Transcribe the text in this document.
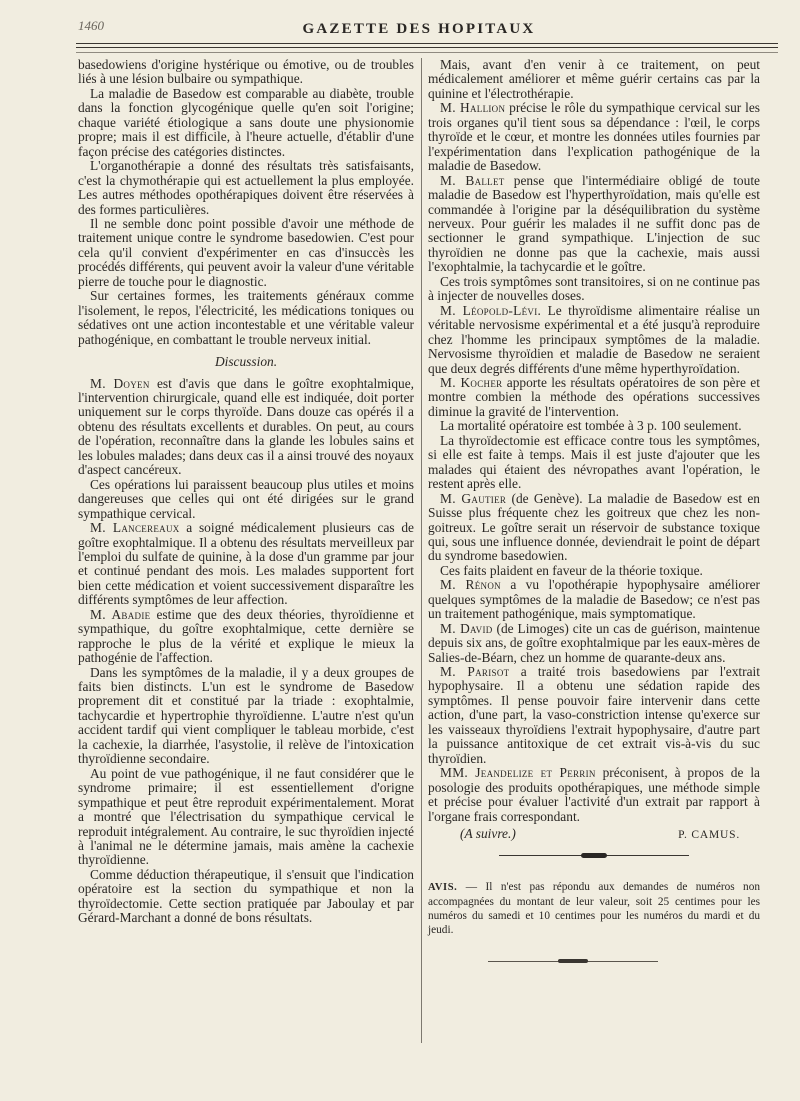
1460	GAZETTE DES HOPITAUX

basedowiens d'origine hystérique ou émotive, ou de troubles liés à une lésion bulbaire ou sympathique.

La maladie de Basedow est comparable au diabète, trouble dans la fonction glycogénique quelle qu'en soit l'origine; chaque variété étiologique a sans doute une physionomie propre; mais il est difficile, à l'heure actuelle, d'établir d'une façon précise des catégories distinctes.

L'organothérapie a donné des résultats très satisfaisants, c'est la chymothérapie qui est actuellement la plus employée. Les autres méthodes opothérapiques doivent être réservées à des formes particulières.

Il ne semble donc point possible d'avoir une méthode de traitement unique contre le syndrome basedowien. C'est pour cela qu'il convient d'expérimenter en cas d'insuccès les procédés différents, qui peuvent avoir la valeur d'une véritable pierre de touche pour le diagnostic.

Sur certaines formes, les traitements généraux comme l'isolement, le repos, l'électricité, les médications toniques ou sédatives ont une action incontestable et une véritable valeur pathogénique, en combattant le trouble nerveux initial.

Discussion.

M. Doyen est d'avis que dans le goître exophtalmique, l'intervention chirurgicale, quand elle est indiquée, doit porter uniquement sur le corps thyroïde. Dans douze cas opérés il a obtenu des résultats excellents et durables. On peut, au cours de l'opération, reconnaître dans la glande les lobules sains et les lobules malades; dans deux cas il a ainsi trouvé des noyaux d'aspect cancéreux.

Ces opérations lui paraissent beaucoup plus utiles et moins dangereuses que celles qui ont été dirigées sur le grand sympathique cervical.

M. Lancereaux a soigné médicalement plusieurs cas de goître exophtalmique. Il a obtenu des résultats merveilleux par l'emploi du sulfate de quinine, à la dose d'un gramme par jour et continué pendant des mois. Les malades supportent fort bien cette médication et voient successivement disparaître les différents symptômes de leur affection.

M. Abadie estime que des deux théories, thyroïdienne et sympathique, du goître exophtalmique, cette dernière se rapproche le plus de la vérité et explique le mieux la pathogénie de l'affection.

Dans les symptômes de la maladie, il y a deux groupes de faits bien distincts. L'un est le syndrome de Basedow proprement dit et constitué par la triade : exophtalmie, tachycardie et hypertrophie thyroïdienne. L'autre n'est qu'un accident tardif qui vient compliquer le tableau morbide, c'est la cachexie, la diarrhée, l'asystolie, il relève de l'intoxication thyroïdienne secondaire.

Au point de vue pathogénique, il ne faut considérer que le syndrome primaire; il est essentiellement d'origne sympathique et peut être reproduit expérimentalement. Morat a montré que l'électrisation du sympathique cervical le reproduit intégralement. Au contraire, le suc thyroïdien injecté à l'animal ne le détermine jamais, mais amène la cachexie thyroïdienne.

Comme déduction thérapeutique, il s'ensuit que l'indication opératoire est la section du sympathique et non la thyroïdectomie. Cette section pratiquée par Jaboulay et par Gérard-Marchant a donné de bons résultats.

Mais, avant d'en venir à ce traitement, on peut médicalement améliorer et même guérir certains cas par la quinine et l'électrothérapie.

M. Hallion précise le rôle du sympathique cervical sur les trois organes qu'il tient sous sa dépendance : l'œil, le corps thyroïde et le cœur, et montre les données utiles fournies par l'expérimentation dans l'explication pathogénique de la maladie de Basedow.

M. Ballet pense que l'intermédiaire obligé de toute maladie de Basedow est l'hyperthyroïdation, mais qu'elle est commandée à l'origine par la déséquilibration du système nerveux. Pour guérir les malades il ne suffit donc pas de sectionner le grand sympathique. L'injection de suc thyroïdien ne donne pas que la cachexie, mais aussi l'exophtalmie, la tachycardie et le goître.

Ces trois symptômes sont transitoires, si on ne continue pas à injecter de nouvelles doses.

M. Léopold-Lévi. Le thyroïdisme alimentaire réalise un véritable nervosisme expérimental et a été jusqu'à reproduire chez l'homme les principaux symptômes de la maladie. Nervosisme thyroïdien et maladie de Basedow ne seraient que deux degrés différents d'une même hyperthyroïdation.

M. Kocher apporte les résultats opératoires de son père et montre combien la méthode des opérations successives diminue la gravité de l'intervention.

La mortalité opératoire est tombée à 3 p. 100 seulement.

La thyroïdectomie est efficace contre tous les symptômes, si elle est faite à temps. Mais il est juste d'ajouter que les malades qui étaient des névropathes avant l'opération, le restent après elle.

M. Gautier (de Genève). La maladie de Basedow est en Suisse plus fréquente chez les goitreux que chez les non-goitreux. Le goître serait un réservoir de substance toxique qui, sous une influence donnée, deviendrait le point de départ du syndrome basedowien.

Ces faits plaident en faveur de la théorie toxique.

M. Rénon a vu l'opothérapie hypophysaire améliorer quelques symptômes de la maladie de Basedow; ce n'est pas un traitement pathogénique, mais symptomatique.

M. David (de Limoges) cite un cas de guérison, maintenue depuis six ans, de goître exophtalmique par les eaux-mères de Salies-de-Béarn, chez un homme de quarante-deux ans.

M. Parisot a traité trois basedowiens par l'extrait hypophysaire. Il a obtenu une sédation rapide des symptômes. Il pense pouvoir faire intervenir dans cette action, d'une part, la vaso-constriction intense qu'exerce sur les vaisseaux thyroïdiens l'extrait hypophysaire, d'autre part la puissance antitoxique de cet extrait vis-à-vis du suc thyroïdien.

MM. Jeandelize et Perrin préconisent, à propos de la posologie des produits opothérapiques, une méthode simple et précise pour évaluer l'activité d'un extrait par rapport à l'organe frais correspondant.

(A suivre.)	P. CAMUS.
AVIS. — Il n'est pas répondu aux demandes de numéros non accompagnées du montant de leur valeur, soit 25 centimes pour les numéros du samedi et 10 centimes pour les numéros du mardi et du jeudi.
